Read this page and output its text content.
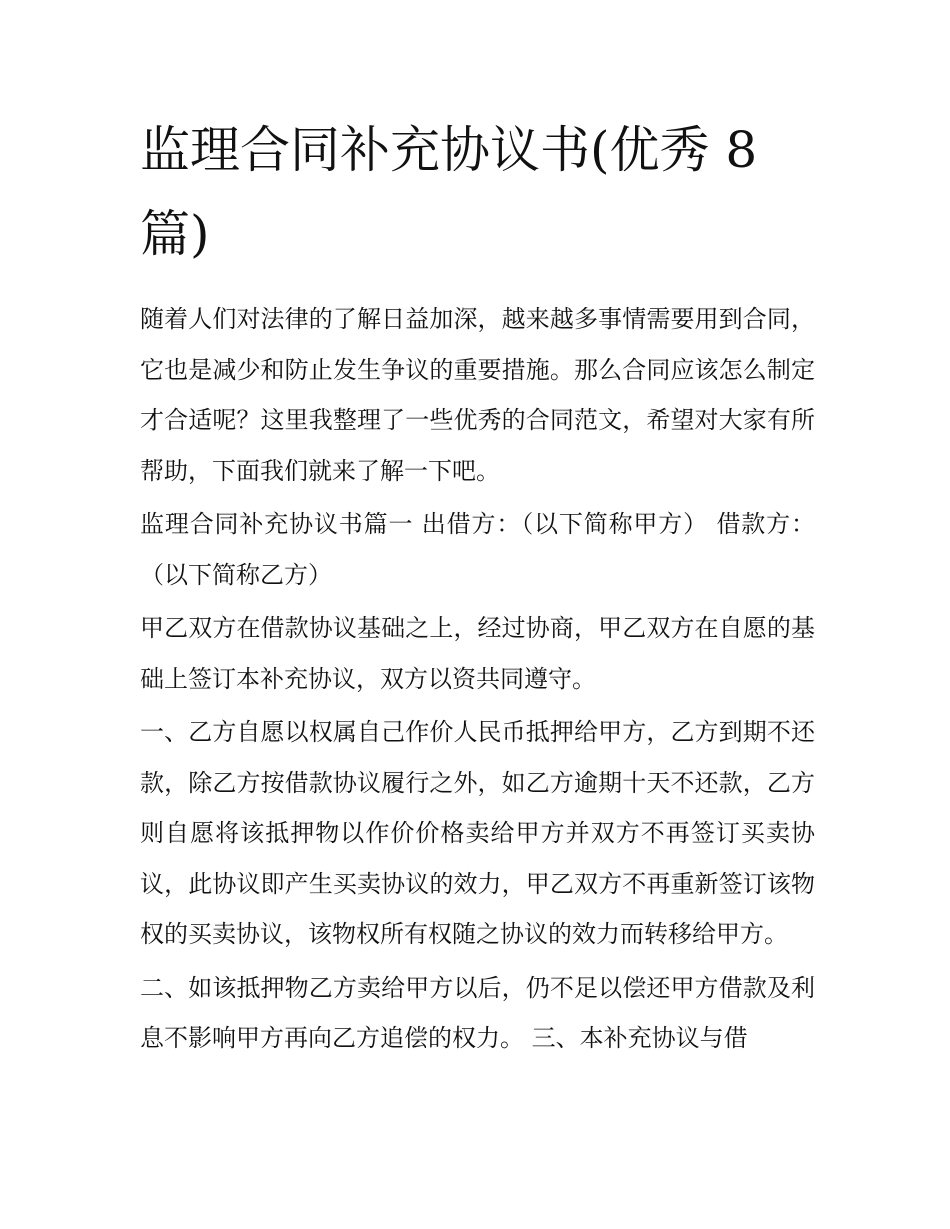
监理合同补充协议书(优秀 8 篇)

随着人们对法律的了解日益加深，越来越多事情需要用到合同，它也是减少和防止发生争议的重要措施。那么合同应该怎么制定才合适呢？这里我整理了一些优秀的合同范文，希望对大家有所帮助，下面我们就来了解一下吧。

监理合同补充协议书篇一 出借方：（以下简称甲方） 借款方：（以下简称乙方）

甲乙双方在借款协议基础之上，经过协商，甲乙双方在自愿的基础上签订本补充协议，双方以资共同遵守。

一、乙方自愿以权属自己作价人民币抵押给甲方，乙方到期不还款，除乙方按借款协议履行之外，如乙方逾期十天不还款，乙方则自愿将该抵押物以作价价格卖给甲方并双方不再签订买卖协议，此协议即产生买卖协议的效力，甲乙双方不再重新签订该物权的买卖协议，该物权所有权随之协议的效力而转移给甲方。

二、如该抵押物乙方卖给甲方以后，仍不足以偿还甲方借款及利息不影响甲方再向乙方追偿的权力。 三、本补充协议与借
